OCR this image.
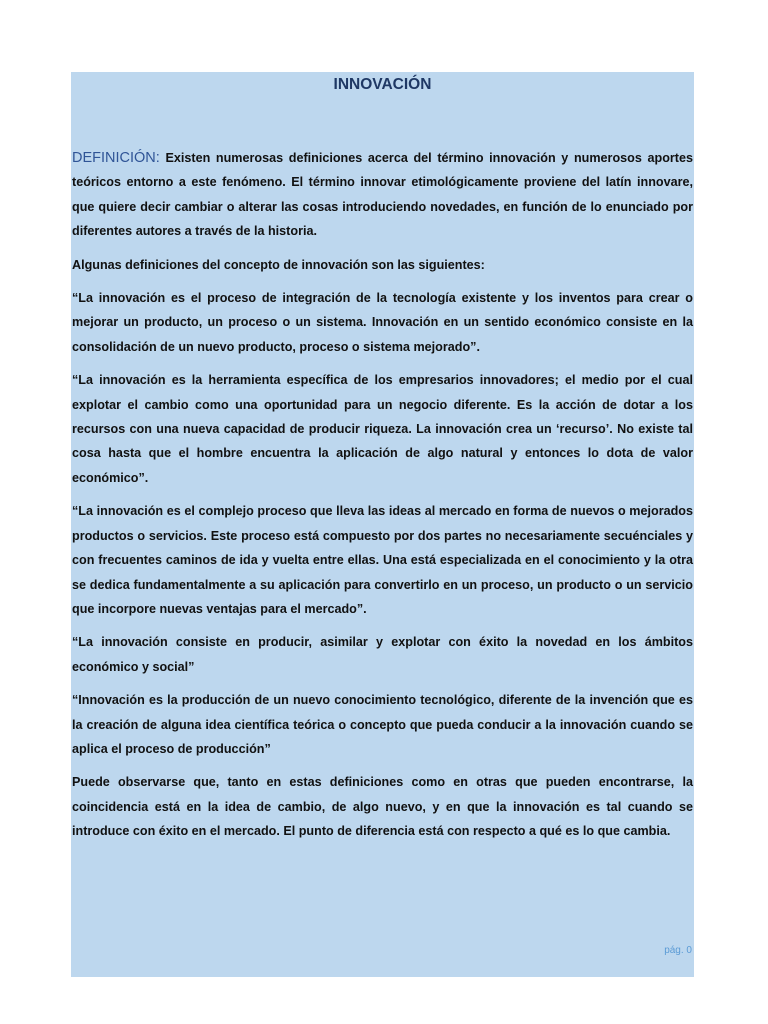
INNOVACIÓN

DEFINICIÓN: Existen numerosas definiciones acerca del término innovación y numerosos aportes teóricos entorno a este fenómeno. El término innovar etimológicamente proviene del latín innovare, que quiere decir cambiar o alterar las cosas introduciendo novedades, en función de lo enunciado por diferentes autores a través de la historia.

Algunas definiciones del concepto de innovación son las siguientes:

“La innovación es el proceso de integración de la tecnología existente y los inventos para crear o mejorar un producto, un proceso o un sistema. Innovación en un sentido económico consiste en la consolidación de un nuevo producto, proceso o sistema mejorado”.

“La innovación es la herramienta específica de los empresarios innovadores; el medio por el cual explotar el cambio como una oportunidad para un negocio diferente. Es la acción de dotar a los recursos con una nueva capacidad de producir riqueza. La innovación crea un ‘recurso’. No existe tal cosa hasta que el hombre encuentra la aplicación de algo natural y entonces lo dota de valor económico”.

“La innovación es el complejo proceso que lleva las ideas al mercado en forma de nuevos o mejorados productos o servicios. Este proceso está compuesto por dos partes no necesariamente secuénciales y con frecuentes caminos de ida y vuelta entre ellas. Una está especializada en el conocimiento y la otra se dedica fundamentalmente a su aplicación para convertirlo en un proceso, un producto o un servicio que incorpore nuevas ventajas para el mercado”.

“La innovación consiste en producir, asimilar y explotar con éxito la novedad en los ámbitos económico y social”

“Innovación es la producción de un nuevo conocimiento tecnológico, diferente de la invención que es la creación de alguna idea científica teórica o concepto que pueda conducir a la innovación cuando se aplica el proceso de producción”

Puede observarse que, tanto en estas definiciones como en otras que pueden encontrarse, la coincidencia está en la idea de cambio, de algo nuevo, y en que la innovación es tal cuando se introduce con éxito en el mercado. El punto de diferencia está con respecto a qué es lo que cambia.

pág. 0
